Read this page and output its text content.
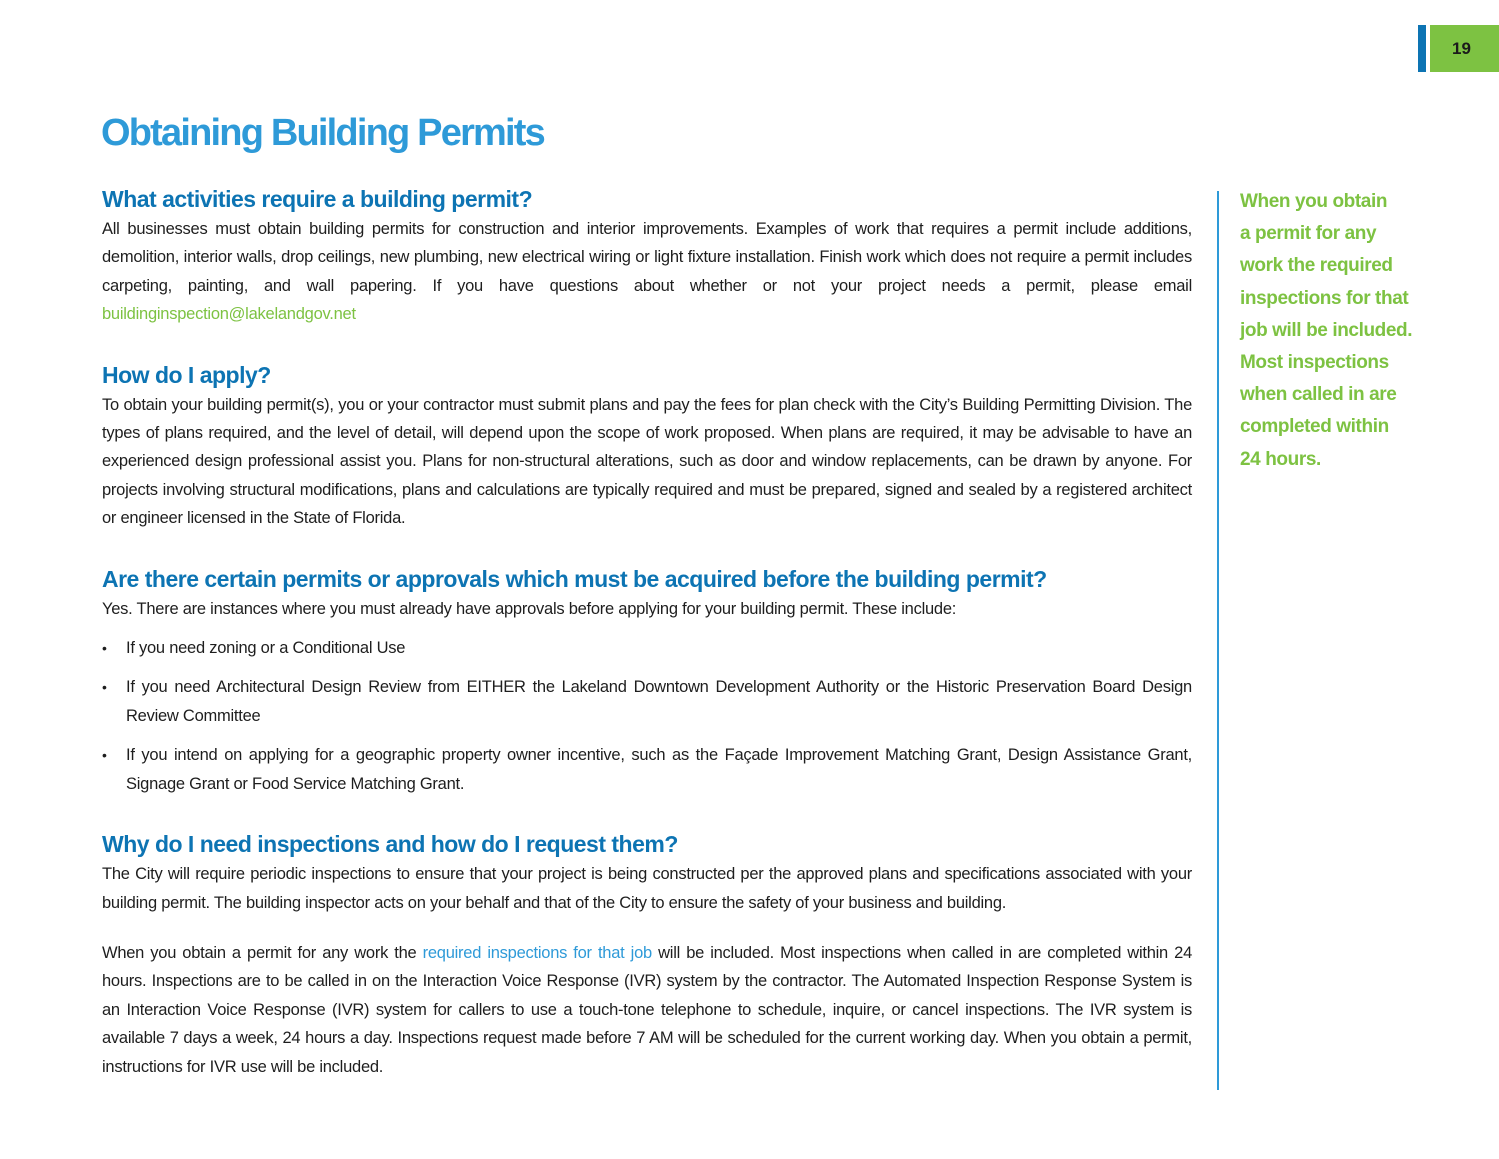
19
Obtaining Building Permits
What activities require a building permit?

All businesses must obtain building permits for construction and interior improvements. Examples of work that requires a permit include additions, demolition, interior walls, drop ceilings, new plumbing, new electrical wiring or light fixture installation. Finish work which does not require a permit includes carpeting, painting, and wall papering. If you have questions about whether or not your project needs a permit, please email buildinginspection@lakelandgov.net

How do I apply?

To obtain your building permit(s), you or your contractor must submit plans and pay the fees for plan check with the City’s Building Permitting Division. The types of plans required, and the level of detail, will depend upon the scope of work proposed. When plans are required, it may be advisable to have an experienced design professional assist you. Plans for non-structural alterations, such as door and window replacements, can be drawn by anyone. For projects involving structural modifications, plans and calculations are typically required and must be prepared, signed and sealed by a registered architect or engineer licensed in the State of Florida.

Are there certain permits or approvals which must be acquired before the building permit?

Yes. There are instances where you must already have approvals before applying for your building permit. These include:

• If you need zoning or a Conditional Use

• If you need Architectural Design Review from EITHER the Lakeland Downtown Development Authority or the Historic Preservation Board Design Review Committee

• If you intend on applying for a geographic property owner incentive, such as the Façade Improvement Matching Grant, Design Assistance Grant, Signage Grant or Food Service Matching Grant.

Why do I need inspections and how do I request them?

The City will require periodic inspections to ensure that your project is being constructed per the approved plans and specifications associated with your building permit. The building inspector acts on your behalf and that of the City to ensure the safety of your business and building.

When you obtain a permit for any work the required inspections for that job will be included. Most inspections when called in are completed within 24 hours. Inspections are to be called in on the Interaction Voice Response (IVR) system by the contractor. The Automated Inspection Response System is an Interaction Voice Response (IVR) system for callers to use a touch-tone telephone to schedule, inquire, or cancel inspections. The IVR system is available 7 days a week, 24 hours a day. Inspections request made before 7 AM will be scheduled for the current working day. When you obtain a permit, instructions for IVR use will be included.

When you obtain
a permit for any
work the required
inspections for that
job will be included.
Most inspections
when called in are
completed within
24 hours.
